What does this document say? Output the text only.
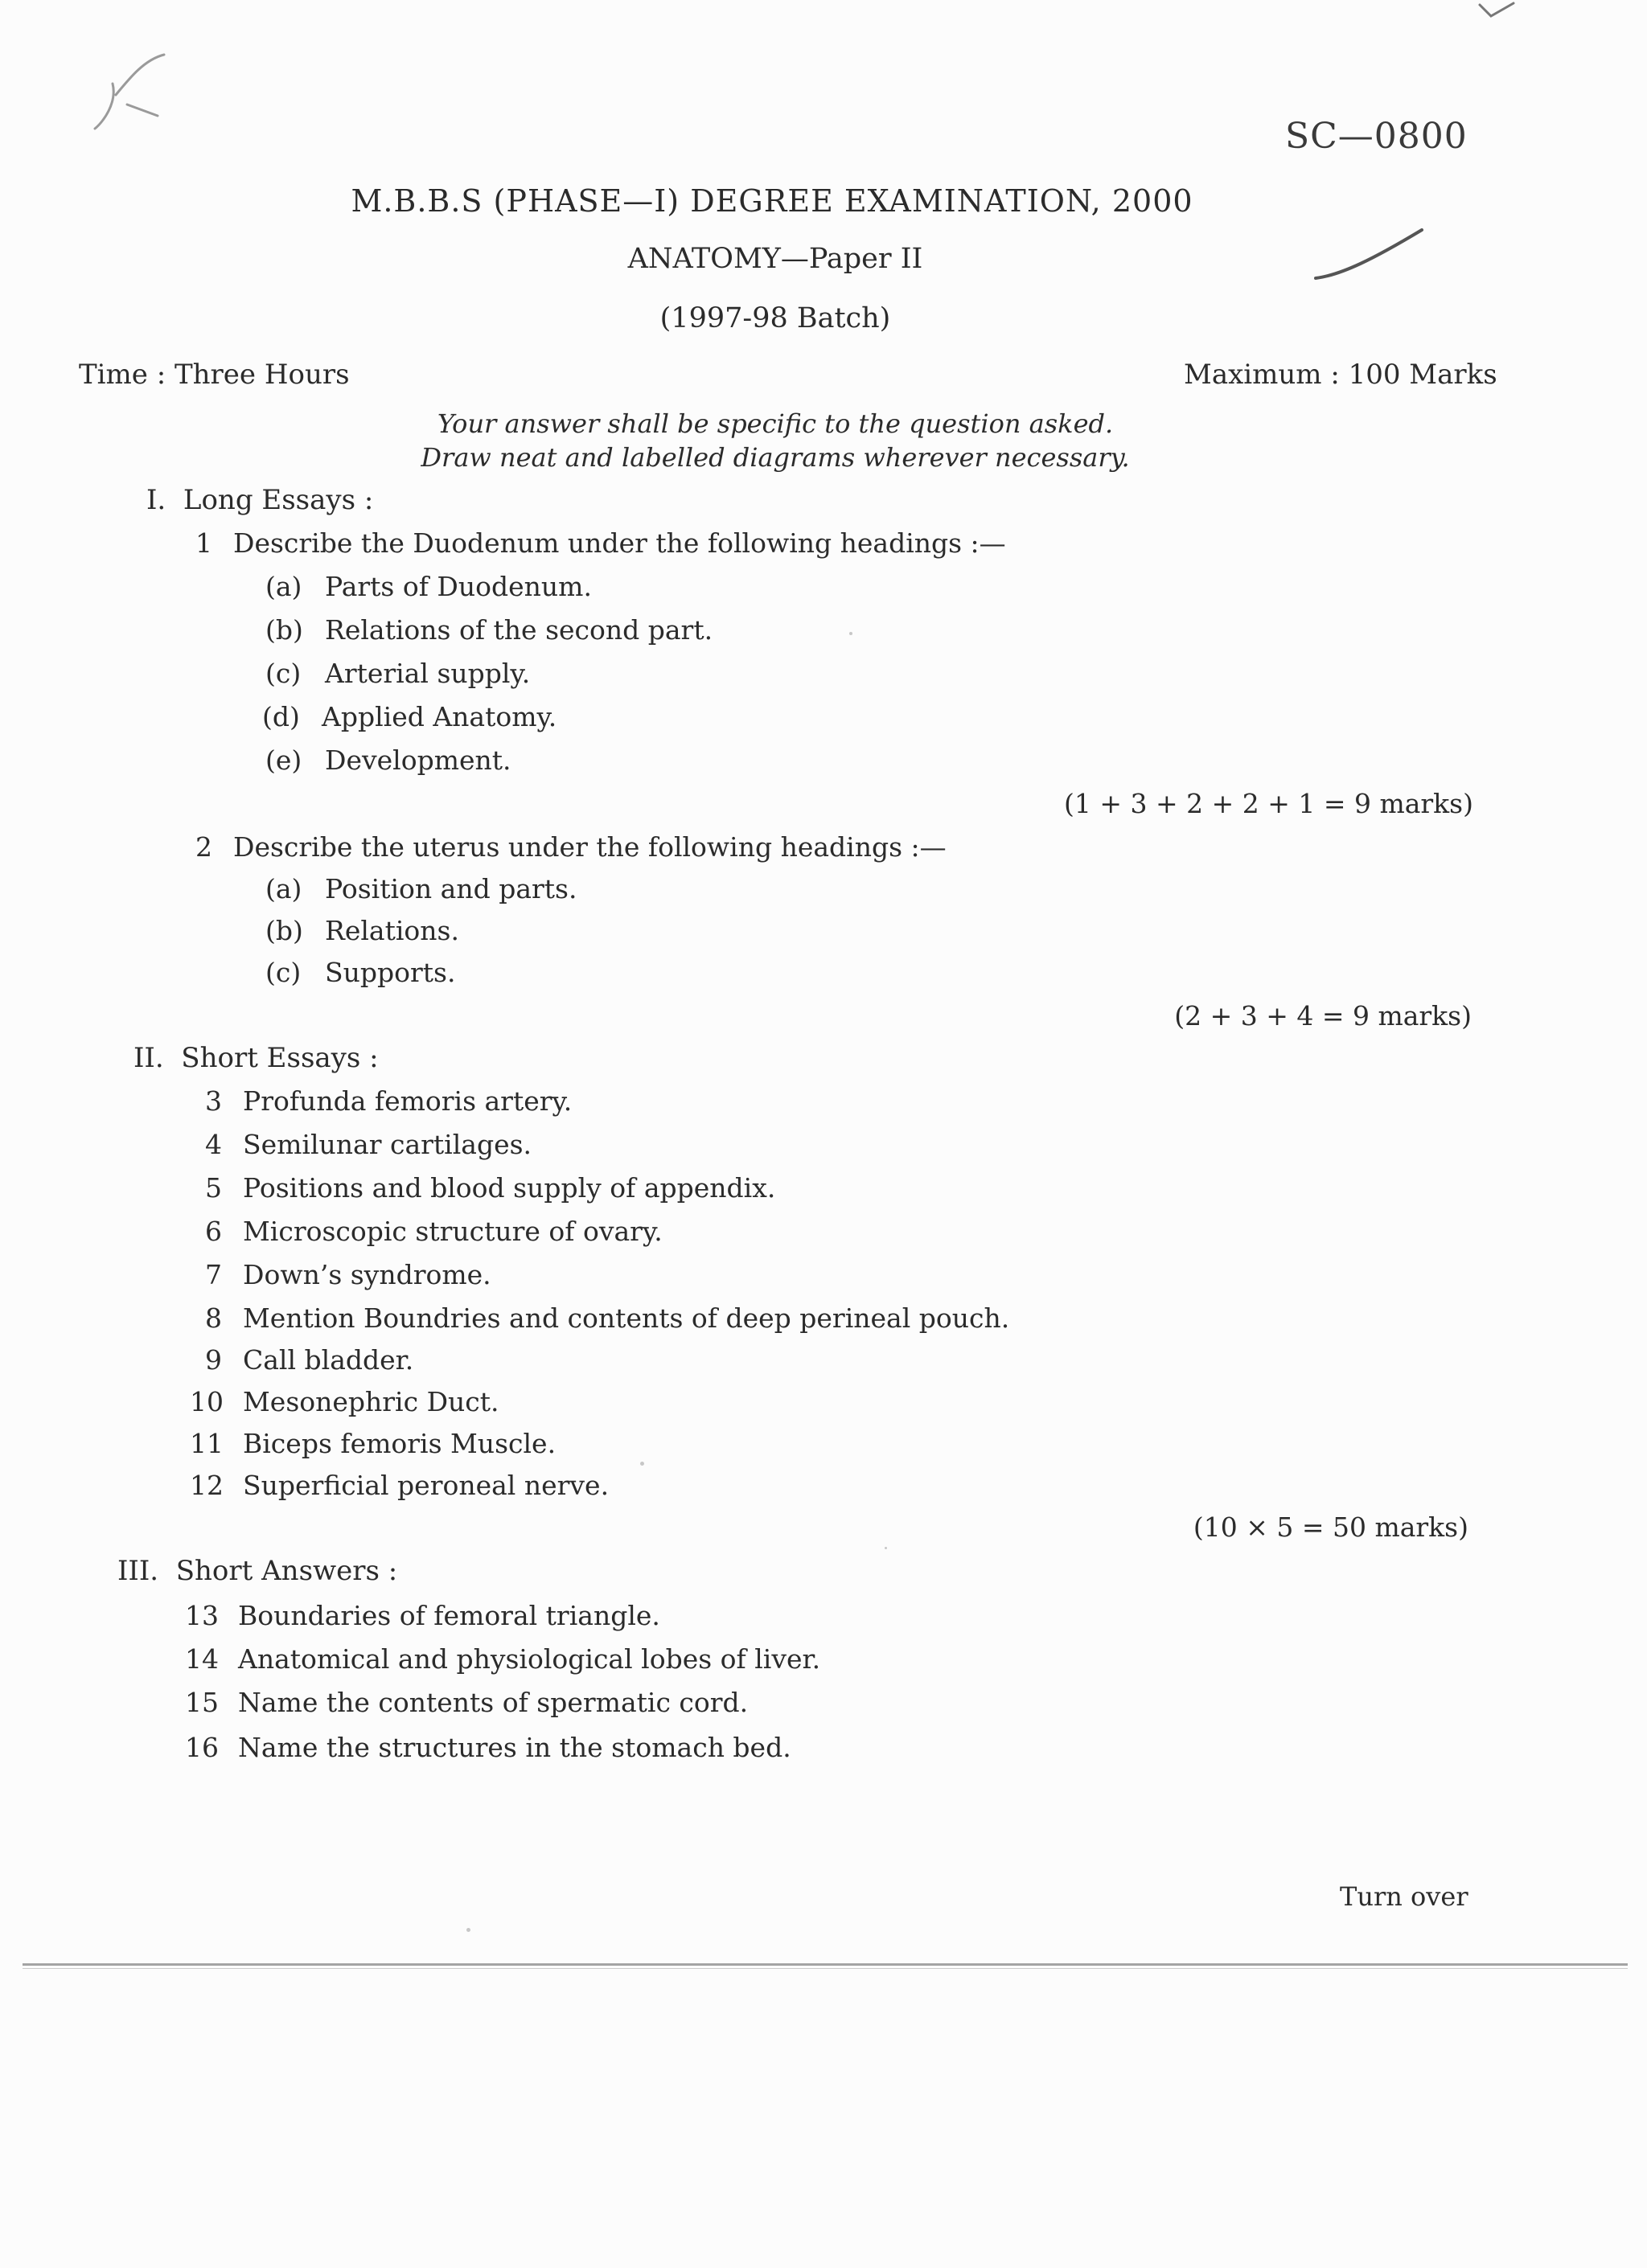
SC—0800
M.B.B.S (PHASE—I) DEGREE EXAMINATION, 2000
ANATOMY—Paper II
(1997-98 Batch)
Time : Three Hours	Maximum : 100 Marks
Your answer shall be specific to the question asked.
Draw neat and labelled diagrams wherever necessary.
I. Long Essays :
1 Describe the Duodenum under the following headings :—
(a) Parts of Duodenum.
(b) Relations of the second part.
(c) Arterial supply.
(d) Applied Anatomy.
(e) Development.
(1 + 3 + 2 + 2 + 1 = 9 marks)
2 Describe the uterus under the following headings :—
(a) Position and parts.
(b) Relations.
(c) Supports.
(2 + 3 + 4 = 9 marks)
II. Short Essays :
3 Profunda femoris artery.
4 Semilunar cartilages.
5 Positions and blood supply of appendix.
6 Microscopic structure of ovary.
7 Down’s syndrome.
8 Mention Boundries and contents of deep perineal pouch.
9 Call bladder.
10 Mesonephric Duct.
11 Biceps femoris Muscle.
12 Superficial peroneal nerve.
(10 × 5 = 50 marks)
III. Short Answers :
13 Boundaries of femoral triangle.
14 Anatomical and physiological lobes of liver.
15 Name the contents of spermatic cord.
16 Name the structures in the stomach bed.
Turn over
